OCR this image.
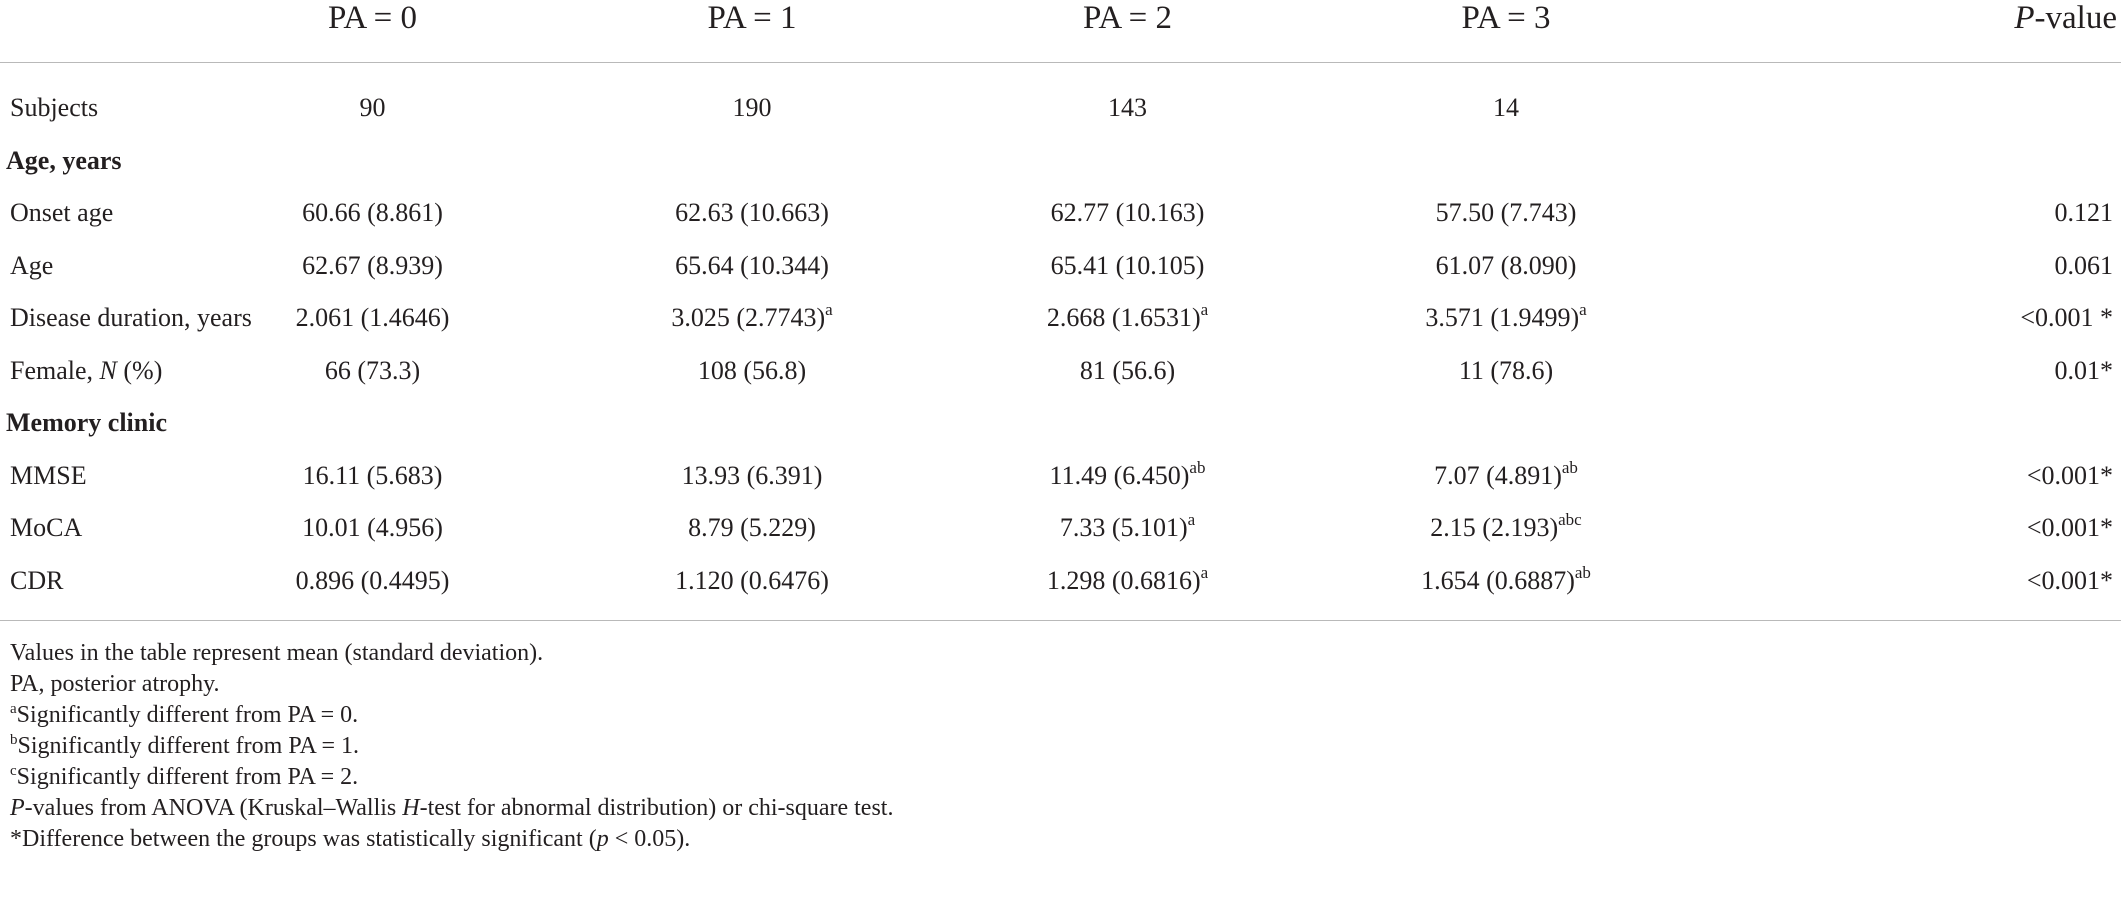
	PA = 0	PA = 1	PA = 2	PA = 3	P-value

Subjects	90	190	143	14	
Age, years					
Onset age	60.66 (8.861)	62.63 (10.663)	62.77 (10.163)	57.50 (7.743)	0.121
Age	62.67 (8.939)	65.64 (10.344)	65.41 (10.105)	61.07 (8.090)	0.061
Disease duration, years	2.061 (1.4646)	3.025 $(2.7743)^a$	2.668 $(1.6531)^a$	3.571 $(1.9499)^a$	<0.001 *
Female, N (%)	66 (73.3)	108 (56.8)	81 (56.6)	11 (78.6)	0.01*
Memory clinic					
MMSE	16.11 (5.683)	13.93 (6.391)	11.49 $(6.450)^{ab}$	7.07 $(4.891)^{ab}$	<0.001*
MoCA	10.01 (4.956)	8.79 (5.229)	7.33 $(5.101)^a$	2.15 $(2.193)^{abc}$	<0.001*
CDR	0.896 (0.4495)	1.120 (0.6476)	1.298 $(0.6816)^a$	1.654 $(0.6887)^{ab}$	<0.001*
Values in the table represent mean (standard deviation).
PA, posterior atrophy.
$^a$Significantly different from PA = 0.
$^b$Significantly different from PA = 1.
$^c$Significantly different from PA = 2.
P-values from ANOVA (Kruskal–Wallis H-test for abnormal distribution) or chi-square test.
*Difference between the groups was statistically significant (p < 0.05).
